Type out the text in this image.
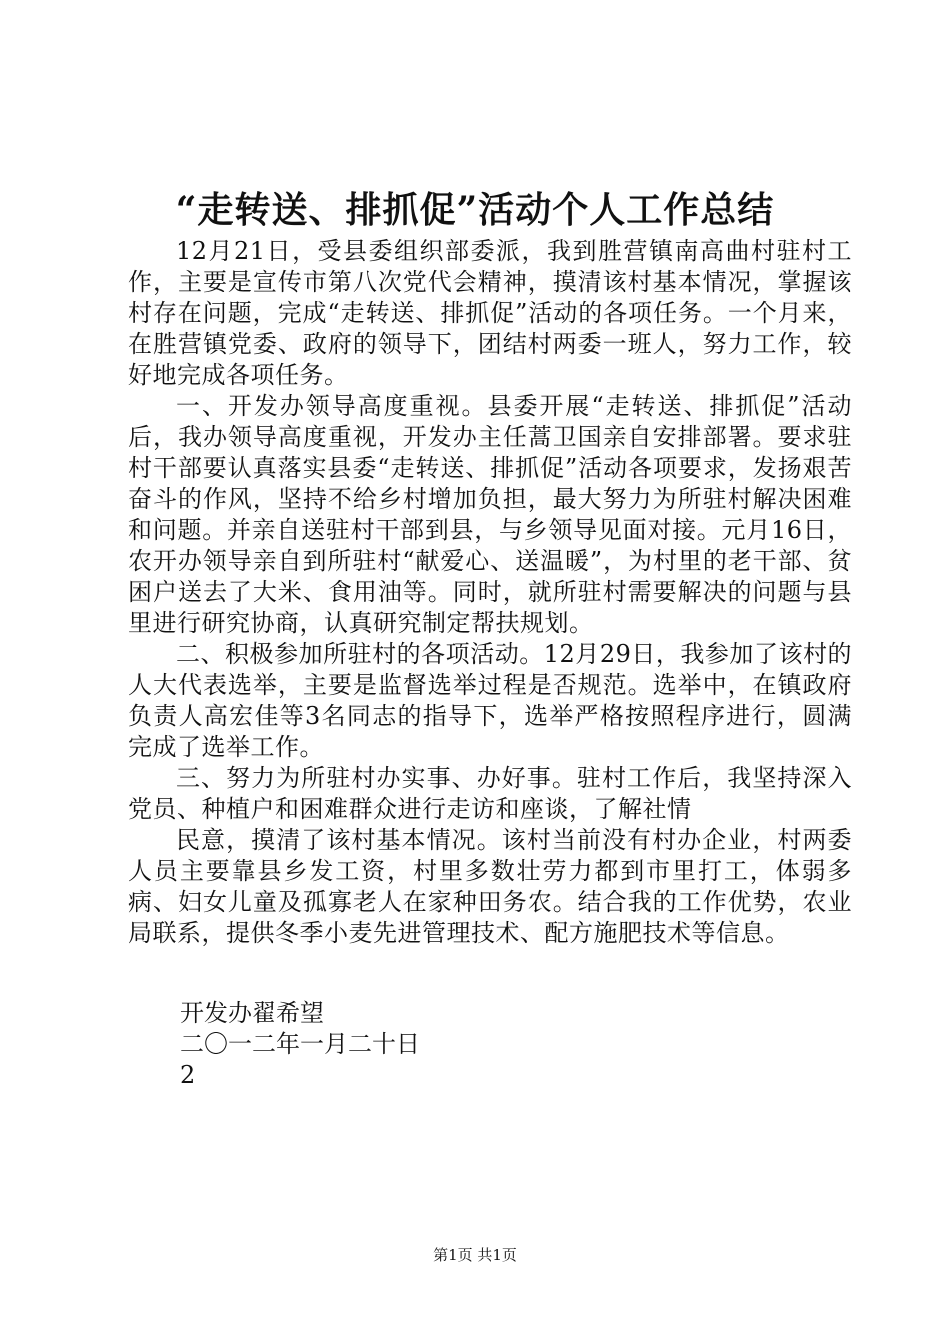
“走转送、排抓促”活动个人工作总结

12月21日，受县委组织部委派，我到胜营镇南高曲村驻村工作，主要是宣传市第八次党代会精神，摸清该村基本情况，掌握该村存在问题，完成“走转送、排抓促”活动的各项任务。一个月来，在胜营镇党委、政府的领导下，团结村两委一班人，努力工作，较好地完成各项任务。

一、开发办领导高度重视。县委开展“走转送、排抓促”活动后，我办领导高度重视，开发办主任蒿卫国亲自安排部署。要求驻村干部要认真落实县委“走转送、排抓促”活动各项要求，发扬艰苦奋斗的作风，坚持不给乡村增加负担，最大努力为所驻村解决困难和问题。并亲自送驻村干部到县，与乡领导见面对接。元月16日，农开办领导亲自到所驻村“献爱心、送温暖”，为村里的老干部、贫困户送去了大米、食用油等。同时，就所驻村需要解决的问题与县里进行研究协商，认真研究制定帮扶规划。

二、积极参加所驻村的各项活动。12月29日，我参加了该村的人大代表选举，主要是监督选举过程是否规范。选举中，在镇政府负责人高宏佳等3名同志的指导下，选举严格按照程序进行，圆满完成了选举工作。

三、努力为所驻村办实事、办好事。驻村工作后，我坚持深入党员、种植户和困难群众进行走访和座谈，了解社情

民意，摸清了该村基本情况。该村当前没有村办企业，村两委人员主要靠县乡发工资，村里多数壮劳力都到市里打工，体弱多病、妇女儿童及孤寡老人在家种田务农。结合我的工作优势，农业局联系，提供冬季小麦先进管理技术、配方施肥技术等信息。

开发办翟希望

二〇一二年一月二十日

2

第1页 共1页
